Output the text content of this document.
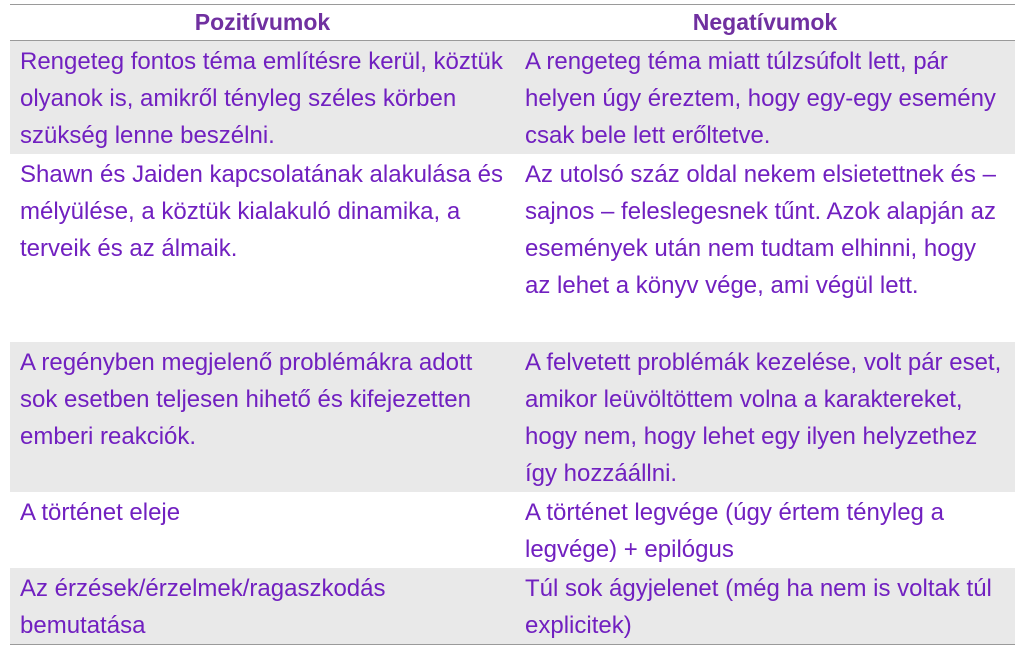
Pozitívumok	Negatívumok
Rengeteg fontos téma említésre kerül, köztük olyanok is, amikről tényleg széles körben szükség lenne beszélni.	A rengeteg téma miatt túlzsúfolt lett, pár helyen úgy éreztem, hogy egy-egy esemény csak bele lett erőltetve.
Shawn és Jaiden kapcsolatának alakulása és mélyülése, a köztük kialakuló dinamika, a terveik és az álmaik.	Az utolsó száz oldal nekem elsietettnek és – sajnos – feleslegesnek tűnt. Azok alapján az események után nem tudtam elhinni, hogy az lehet a könyv vége, ami végül lett.
A regényben megjelenő problémákra adott sok esetben teljesen hihető és kifejezetten emberi reakciók.	A felvetett problémák kezelése, volt pár eset, amikor leüvöltöttem volna a karaktereket, hogy nem, hogy lehet egy ilyen helyzethez így hozzáállni.
A történet eleje	A történet legvége (úgy értem tényleg a legvége) + epilógus
Az érzések/érzelmek/ragaszkodás bemutatása	Túl sok ágyjelenet (még ha nem is voltak túl explicitek)
